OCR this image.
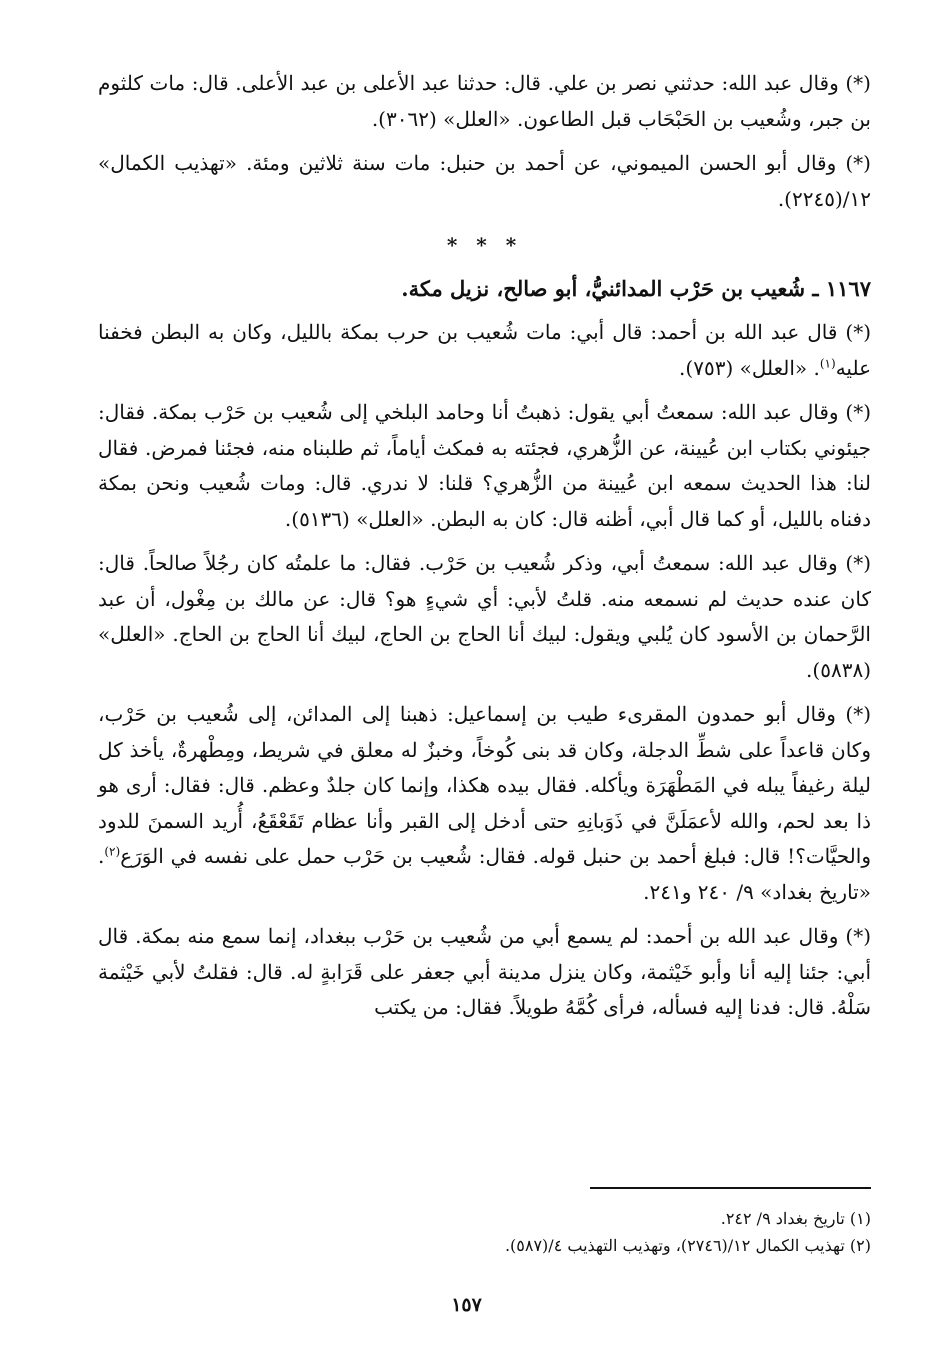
(*) وقال عبد الله: حدثني نصر بن علي. قال: حدثنا عبد الأعلى بن عبد الأعلى. قال: مات كلثوم بن جبر، وشُعيب بن الحَبْحَاب قبل الطاعون. «العلل» (٣٠٦٢).

(*) وقال أبو الحسن الميموني، عن أحمد بن حنبل: مات سنة ثلاثين ومئة. «تهذيب الكمال» ١٢/(٢٢٤٥).

* * *
١١٦٧ ـ شُعيب بن حَرْب المدائنيُّ، أبو صالح، نزيل مكة.

(*) قال عبد الله بن أحمد: قال أبي: مات شُعيب بن حرب بمكة بالليل، وكان به البطن فخفنا عليه$^{(١)}$. «العلل» (٧٥٣).

(*) وقال عبد الله: سمعتُ أبي يقول: ذهبتُ أنا وحامد البلخي إلى شُعيب بن حَرْب بمكة. فقال: جيئوني بكتاب ابن عُيينة، عن الزُّهري، فجئته به فمكث أياماً، ثم طلبناه منه، فجئنا فمرض. فقال لنا: هذا الحديث سمعه ابن عُيينة من الزُّهري؟ قلنا: لا ندري. قال: ومات شُعيب ونحن بمكة دفناه بالليل، أو كما قال أبي، أظنه قال: كان به البطن. «العلل» (٥١٣٦).

(*) وقال عبد الله: سمعتُ أبي، وذكر شُعيب بن حَرْب. فقال: ما علمتُه كان رجُلاً صالحاً. قال: كان عنده حديث لم نسمعه منه. قلتُ لأبي: أي شيءٍ هو؟ قال: عن مالك بن مِغْول، أن عبد الرَّحمان بن الأسود كان يُلبي ويقول: لبيك أنا الحاج بن الحاج، لبيك أنا الحاج بن الحاج. «العلل» (٥٨٣٨).

(*) وقال أبو حمدون المقرىء طيب بن إسماعيل: ذهبنا إلى المدائن، إلى شُعيب بن حَرْب، وكان قاعداً على شطِّ الدجلة، وكان قد بنى كُوخاً، وخبزٌ له معلق في شريط، ومِطْهرةٌ، يأخذ كل ليلة رغيفاً يبله في المَطْهَرَة ويأكله. فقال بيده هكذا، وإنما كان جلدٌ وعظم. قال: فقال: أرى هو ذا بعد لحم، والله لأعمَلَنَّ في ذَوَبانِهِ حتى أدخل إلى القبر وأنا عظام تَقَعْقَعُ، أُريد السمنَ للدود والحيَّات؟! قال: فبلغ أحمد بن حنبل قوله. فقال: شُعيب بن حَرْب حمل على نفسه في الوَرَع$^{(٢)}$. «تاريخ بغداد» ٩/ ٢٤٠ و٢٤١.

(*) وقال عبد الله بن أحمد: لم يسمع أبي من شُعيب بن حَرْب ببغداد، إنما سمع منه بمكة. قال أبي: جئنا إليه أنا وأبو خَيْثمة، وكان ينزل مدينة أبي جعفر على قَرَابةٍ له. قال: فقلتُ لأبي خَيْثمة سَلْهُ. قال: فدنا إليه فسأله، فرأى كُمَّهُ طويلاً. فقال: من يكتب

(١) تاريخ بغداد ٩/ ٢٤٢.

(٢) تهذيب الكمال ١٢/(٢٧٤٦)، وتهذيب التهذيب ٤/(٥٨٧).

١٥٧
